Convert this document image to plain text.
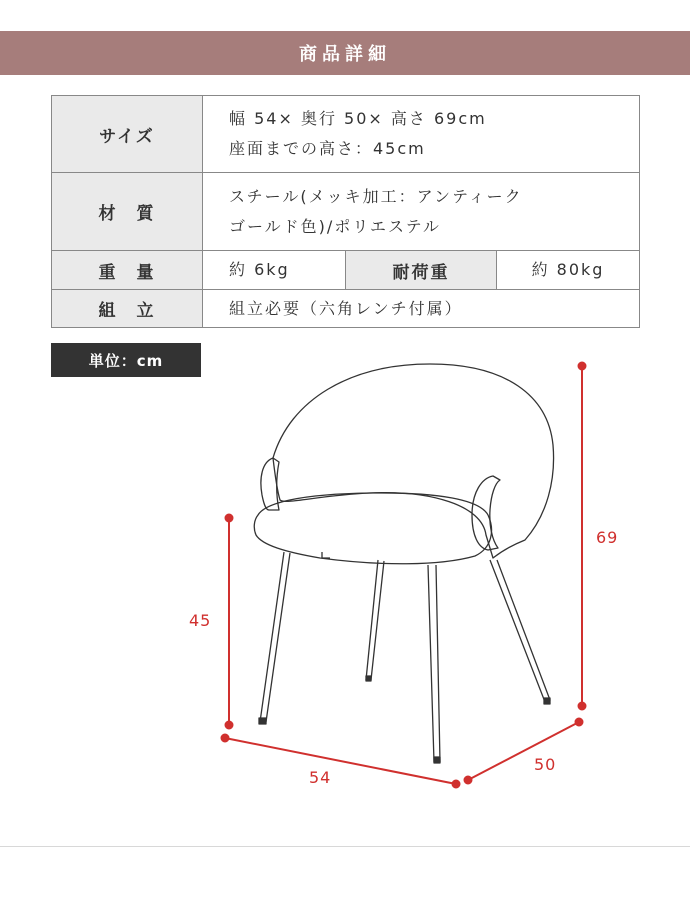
商品詳細
サイズ	幅 54× 奥行 50× 高さ 69cm
座面までの高さ：45cm		

材　質	スチール(メッキ加工：アンティーク
ゴールド色)/ポリエステル		

重　量	約 6kg	耐荷重	約 80kg
組　立	組立必要（六角レンチ付属）		
単位：cm
69
45
54
50
